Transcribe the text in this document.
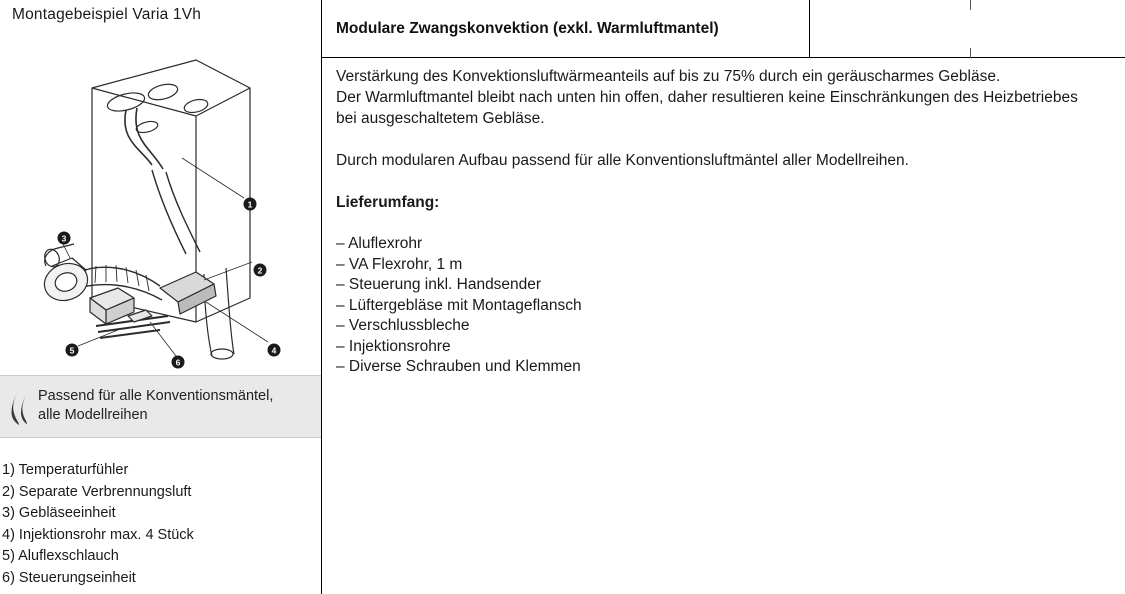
Montagebeispiel Varia 1Vh
1
2
3
4
5
6
Passend für alle Konventionsmäntel,
alle Modellreihen
1) Temperaturfühler
2) Separate Verbrennungsluft
3) Gebläseeinheit
4) Injektionsrohr max. 4 Stück
5) Aluflexschlauch
6) Steuerungseinheit
Modulare Zwangskonvektion (exkl. Warmluftmantel)

Verstärkung des Konvektionsluftwärmeanteils auf bis zu 75% durch ein geräuscharmes Gebläse.

Der Warmluftmantel bleibt nach unten hin offen, daher resultieren keine Einschränkungen des Heizbetriebes

bei ausgeschaltetem Gebläse.

Durch modularen Aufbau passend für alle Konventionsluftmäntel aller Modellreihen.

Lieferumfang:

– Aluflexrohr
– VA Flexrohr, 1 m
– Steuerung inkl. Handsender
– Lüftergebläse mit Montageflansch
– Verschlussbleche
– Injektionsrohre
– Diverse Schrauben und Klemmen
